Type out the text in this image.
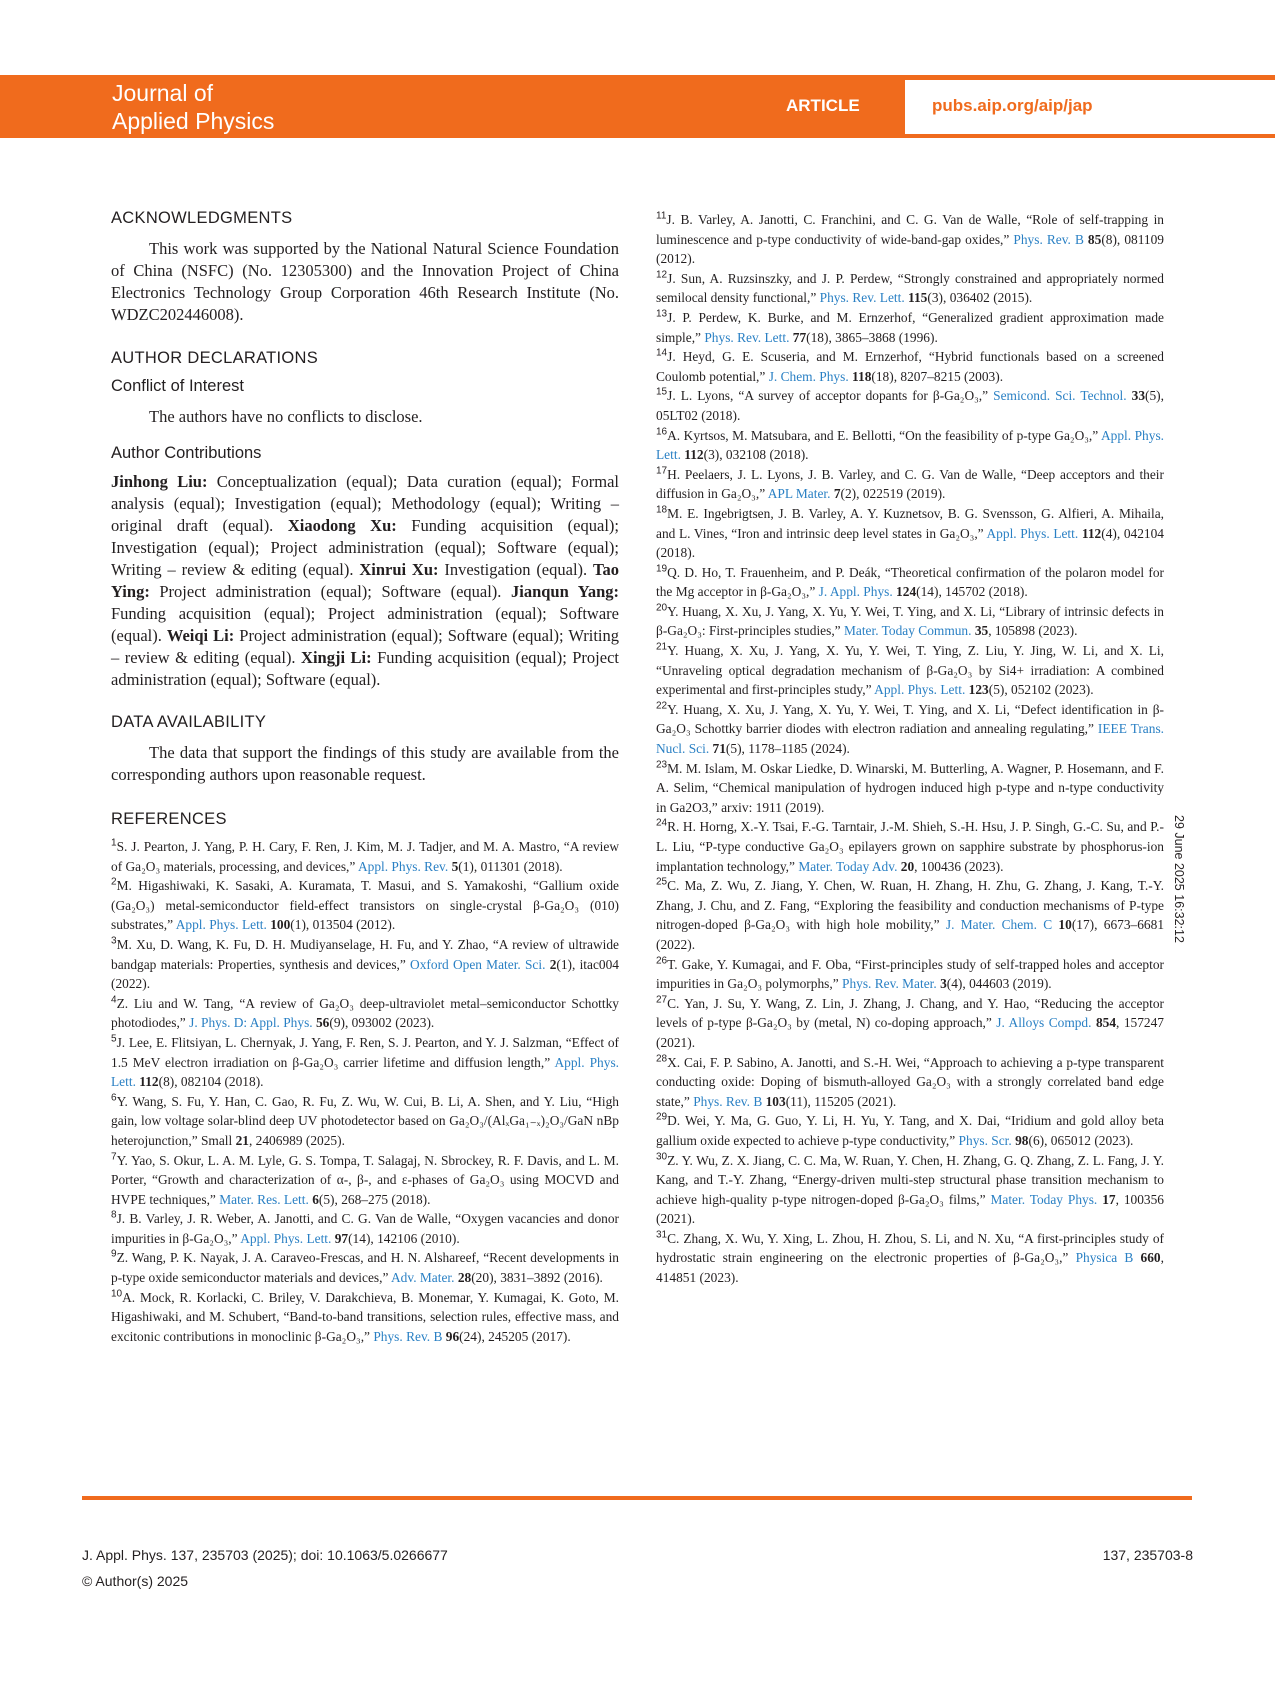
Journal of
Applied Physics
ARTICLE	pubs.aip.org/aip/jap
ACKNOWLEDGMENTS

This work was supported by the National Natural Science Foundation of China (NSFC) (No. 12305300) and the Innovation Project of China Electronics Technology Group Corporation 46th Research Institute (No. WDZC202446008).

AUTHOR DECLARATIONS
Conflict of Interest

The authors have no conflicts to disclose.

Author Contributions

Jinhong Liu: Conceptualization (equal); Data curation (equal); Formal analysis (equal); Investigation (equal); Methodology (equal); Writing – original draft (equal). Xiaodong Xu: Funding acquisition (equal); Investigation (equal); Project administration (equal); Software (equal); Writing – review & editing (equal). Xinrui Xu: Investigation (equal). Tao Ying: Project administration (equal); Software (equal). Jianqun Yang: Funding acquisition (equal); Project administration (equal); Software (equal). Weiqi Li: Project administration (equal); Software (equal); Writing – review & editing (equal). Xingji Li: Funding acquisition (equal); Project administration (equal); Software (equal).

DATA AVAILABILITY

The data that support the findings of this study are available from the corresponding authors upon reasonable request.

REFERENCES

$^1$S. J. Pearton, J. Yang, P. H. Cary, F. Ren, J. Kim, M. J. Tadjer, and M. A. Mastro, “A review of Ga₂O₃ materials, processing, and devices,” Appl. Phys. Rev. 5(1), 011301 (2018).

$^2$M. Higashiwaki, K. Sasaki, A. Kuramata, T. Masui, and S. Yamakoshi, “Gallium oxide (Ga₂O₃) metal-semiconductor field-effect transistors on single-crystal β-Ga₂O₃ (010) substrates,” Appl. Phys. Lett. 100(1), 013504 (2012).

$^3$M. Xu, D. Wang, K. Fu, D. H. Mudiyanselage, H. Fu, and Y. Zhao, “A review of ultrawide bandgap materials: Properties, synthesis and devices,” Oxford Open Mater. Sci. 2(1), itac004 (2022).

$^4$Z. Liu and W. Tang, “A review of Ga₂O₃ deep-ultraviolet metal–semiconductor Schottky photodiodes,” J. Phys. D: Appl. Phys. 56(9), 093002 (2023).

$^5$J. Lee, E. Flitsiyan, L. Chernyak, J. Yang, F. Ren, S. J. Pearton, and Y. J. Salzman, “Effect of 1.5 MeV electron irradiation on β-Ga₂O₃ carrier lifetime and diffusion length,” Appl. Phys. Lett. 112(8), 082104 (2018).

$^6$Y. Wang, S. Fu, Y. Han, C. Gao, R. Fu, Z. Wu, W. Cui, B. Li, A. Shen, and Y. Liu, “High gain, low voltage solar-blind deep UV photodetector based on Ga₂O₃/(AlₓGa₁₋ₓ)₂O₃/GaN nBp heterojunction,” Small 21, 2406989 (2025).

$^7$Y. Yao, S. Okur, L. A. M. Lyle, G. S. Tompa, T. Salagaj, N. Sbrockey, R. F. Davis, and L. M. Porter, “Growth and characterization of α-, β-, and ε-phases of Ga₂O₃ using MOCVD and HVPE techniques,” Mater. Res. Lett. 6(5), 268–275 (2018).

$^8$J. B. Varley, J. R. Weber, A. Janotti, and C. G. Van de Walle, “Oxygen vacancies and donor impurities in β-Ga₂O₃,” Appl. Phys. Lett. 97(14), 142106 (2010).

$^9$Z. Wang, P. K. Nayak, J. A. Caraveo-Frescas, and H. N. Alshareef, “Recent developments in p-type oxide semiconductor materials and devices,” Adv. Mater. 28(20), 3831–3892 (2016).

$^{10}$A. Mock, R. Korlacki, C. Briley, V. Darakchieva, B. Monemar, Y. Kumagai, K. Goto, M. Higashiwaki, and M. Schubert, “Band-to-band transitions, selection rules, effective mass, and excitonic contributions in monoclinic β-Ga₂O₃,” Phys. Rev. B 96(24), 245205 (2017).

$^{11}$J. B. Varley, A. Janotti, C. Franchini, and C. G. Van de Walle, “Role of self-trapping in luminescence and p-type conductivity of wide-band-gap oxides,” Phys. Rev. B 85(8), 081109 (2012).

$^{12}$J. Sun, A. Ruzsinszky, and J. P. Perdew, “Strongly constrained and appropriately normed semilocal density functional,” Phys. Rev. Lett. 115(3), 036402 (2015).

$^{13}$J. P. Perdew, K. Burke, and M. Ernzerhof, “Generalized gradient approximation made simple,” Phys. Rev. Lett. 77(18), 3865–3868 (1996).

$^{14}$J. Heyd, G. E. Scuseria, and M. Ernzerhof, “Hybrid functionals based on a screened Coulomb potential,” J. Chem. Phys. 118(18), 8207–8215 (2003).

$^{15}$J. L. Lyons, “A survey of acceptor dopants for β-Ga₂O₃,” Semicond. Sci. Technol. 33(5), 05LT02 (2018).

$^{16}$A. Kyrtsos, M. Matsubara, and E. Bellotti, “On the feasibility of p-type Ga₂O₃,” Appl. Phys. Lett. 112(3), 032108 (2018).

$^{17}$H. Peelaers, J. L. Lyons, J. B. Varley, and C. G. Van de Walle, “Deep acceptors and their diffusion in Ga₂O₃,” APL Mater. 7(2), 022519 (2019).

$^{18}$M. E. Ingebrigtsen, J. B. Varley, A. Y. Kuznetsov, B. G. Svensson, G. Alfieri, A. Mihaila, and L. Vines, “Iron and intrinsic deep level states in Ga₂O₃,” Appl. Phys. Lett. 112(4), 042104 (2018).

$^{19}$Q. D. Ho, T. Frauenheim, and P. Deák, “Theoretical confirmation of the polaron model for the Mg acceptor in β-Ga₂O₃,” J. Appl. Phys. 124(14), 145702 (2018).

$^{20}$Y. Huang, X. Xu, J. Yang, X. Yu, Y. Wei, T. Ying, and X. Li, “Library of intrinsic defects in β-Ga₂O₃: First-principles studies,” Mater. Today Commun. 35, 105898 (2023).

$^{21}$Y. Huang, X. Xu, J. Yang, X. Yu, Y. Wei, T. Ying, Z. Liu, Y. Jing, W. Li, and X. Li, “Unraveling optical degradation mechanism of β-Ga₂O₃ by Si4+ irradiation: A combined experimental and first-principles study,” Appl. Phys. Lett. 123(5), 052102 (2023).

$^{22}$Y. Huang, X. Xu, J. Yang, X. Yu, Y. Wei, T. Ying, and X. Li, “Defect identification in β-Ga₂O₃ Schottky barrier diodes with electron radiation and annealing regulating,” IEEE Trans. Nucl. Sci. 71(5), 1178–1185 (2024).

$^{23}$M. M. Islam, M. Oskar Liedke, D. Winarski, M. Butterling, A. Wagner, P. Hosemann, and F. A. Selim, “Chemical manipulation of hydrogen induced high p-type and n-type conductivity in Ga2O3,” arxiv: 1911 (2019).

$^{24}$R. H. Horng, X.-Y. Tsai, F.-G. Tarntair, J.-M. Shieh, S.-H. Hsu, J. P. Singh, G.-C. Su, and P.-L. Liu, “P-type conductive Ga₂O₃ epilayers grown on sapphire substrate by phosphorus-ion implantation technology,” Mater. Today Adv. 20, 100436 (2023).

$^{25}$C. Ma, Z. Wu, Z. Jiang, Y. Chen, W. Ruan, H. Zhang, H. Zhu, G. Zhang, J. Kang, T.-Y. Zhang, J. Chu, and Z. Fang, “Exploring the feasibility and conduction mechanisms of P-type nitrogen-doped β-Ga₂O₃ with high hole mobility,” J. Mater. Chem. C 10(17), 6673–6681 (2022).

$^{26}$T. Gake, Y. Kumagai, and F. Oba, “First-principles study of self-trapped holes and acceptor impurities in Ga₂O₃ polymorphs,” Phys. Rev. Mater. 3(4), 044603 (2019).

$^{27}$C. Yan, J. Su, Y. Wang, Z. Lin, J. Zhang, J. Chang, and Y. Hao, “Reducing the acceptor levels of p-type β-Ga₂O₃ by (metal, N) co-doping approach,” J. Alloys Compd. 854, 157247 (2021).

$^{28}$X. Cai, F. P. Sabino, A. Janotti, and S.-H. Wei, “Approach to achieving a p-type transparent conducting oxide: Doping of bismuth-alloyed Ga₂O₃ with a strongly correlated band edge state,” Phys. Rev. B 103(11), 115205 (2021).

$^{29}$D. Wei, Y. Ma, G. Guo, Y. Li, H. Yu, Y. Tang, and X. Dai, “Iridium and gold alloy beta gallium oxide expected to achieve p-type conductivity,” Phys. Scr. 98(6), 065012 (2023).

$^{30}$Z. Y. Wu, Z. X. Jiang, C. C. Ma, W. Ruan, Y. Chen, H. Zhang, G. Q. Zhang, Z. L. Fang, J. Y. Kang, and T.-Y. Zhang, “Energy-driven multi-step structural phase transition mechanism to achieve high-quality p-type nitrogen-doped β-Ga₂O₃ films,” Mater. Today Phys. 17, 100356 (2021).

$^{31}$C. Zhang, X. Wu, Y. Xing, L. Zhou, H. Zhou, S. Li, and N. Xu, “A first-principles study of hydrostatic strain engineering on the electronic properties of β-Ga₂O₃,” Physica B 660, 414851 (2023).

29 June 2025 16:32:12
J. Appl. Phys. 137, 235703 (2025); doi: 10.1063/5.0266677
© Author(s) 2025
137, 235703-8
